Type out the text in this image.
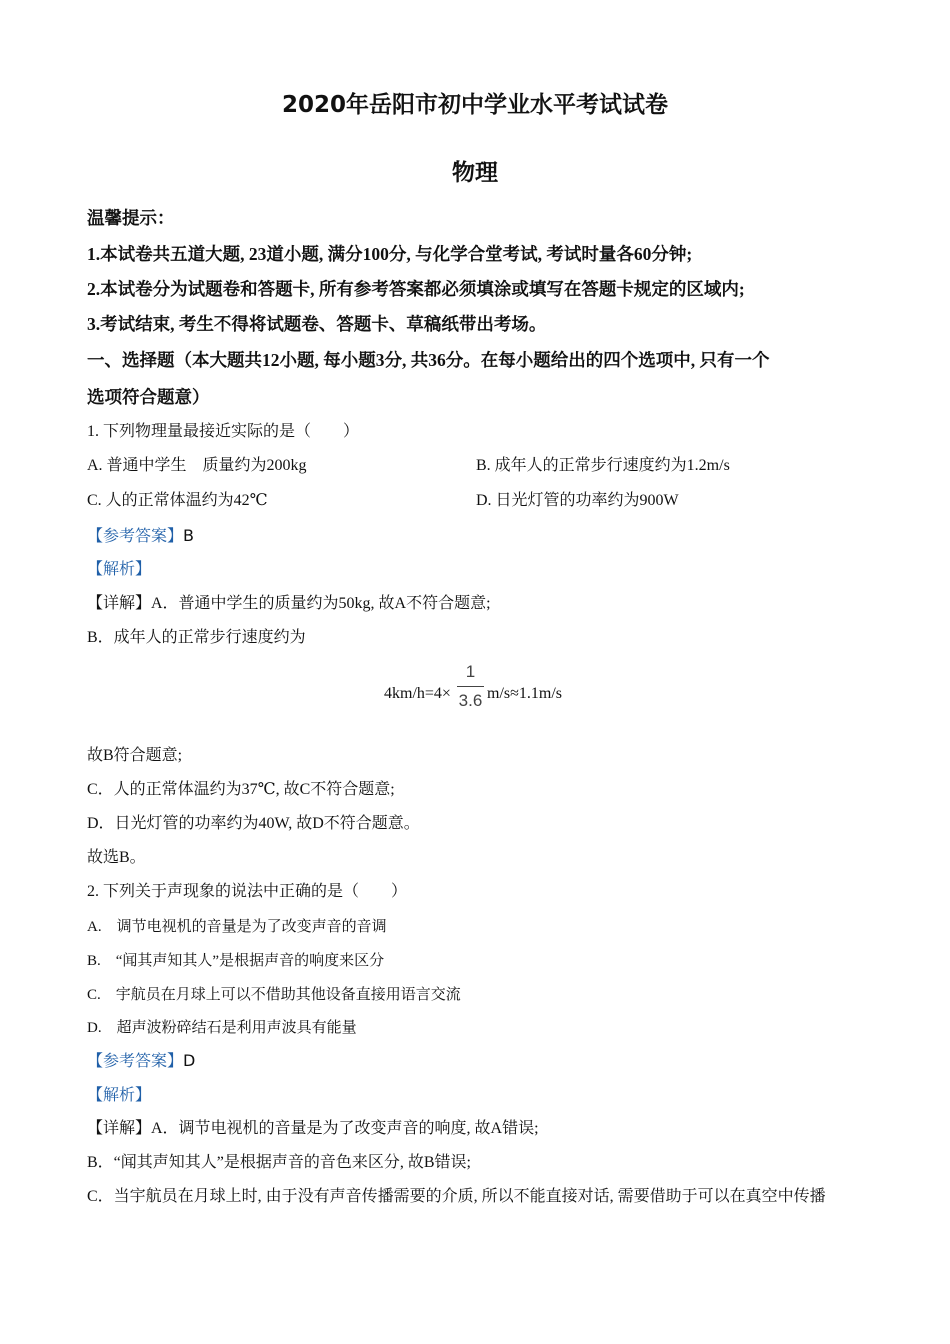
2020年岳阳市初中学业水平考试试卷
物理
温馨提示：
1.本试卷共五道大题, 23道小题, 满分100分, 与化学合堂考试, 考试时量各60分钟;
2.本试卷分为试题卷和答题卡, 所有参考答案都必须填涂或填写在答题卡规定的区域内;
3.考试结束, 考生不得将试题卷、答题卡、草稿纸带出考场。
一、选择题（本大题共12小题, 每小题3分, 共36分。在每小题给出的四个选项中, 只有一个
选项符合题意）
1. 下列物理量最接近实际的是（　　）
A. 普通中学生　质量约为200kg	B. 成年人的正常步行速度约为1.2m/s
C. 人的正常体温约为42℃	D. 日光灯管的功率约为900W
【参考答案】B
【解析】
【详解】A．普通中学生的质量约为50kg, 故A不符合题意;
B．成年人的正常步行速度约为
4km/h=4×
1
3.6 m/s≈1.1m/s
故B符合题意;
C．人的正常体温约为37℃, 故C不符合题意;
D．日光灯管的功率约为40W, 故D不符合题意。
故选B。
2. 下列关于声现象的说法中正确的是（　　）
A.　调节电视机的音量是为了改变声音的音调
B.　“闻其声知其人”是根据声音的响度来区分
C.　宇航员在月球上可以不借助其他设备直接用语言交流
D.　超声波粉碎结石是利用声波具有能量
【参考答案】D
【解析】
【详解】A．调节电视机的音量是为了改变声音的响度, 故A错误;
B．“闻其声知其人”是根据声音的音色来区分, 故B错误;
C．当宇航员在月球上时, 由于没有声音传播需要的介质, 所以不能直接对话, 需要借助于可以在真空中传播
